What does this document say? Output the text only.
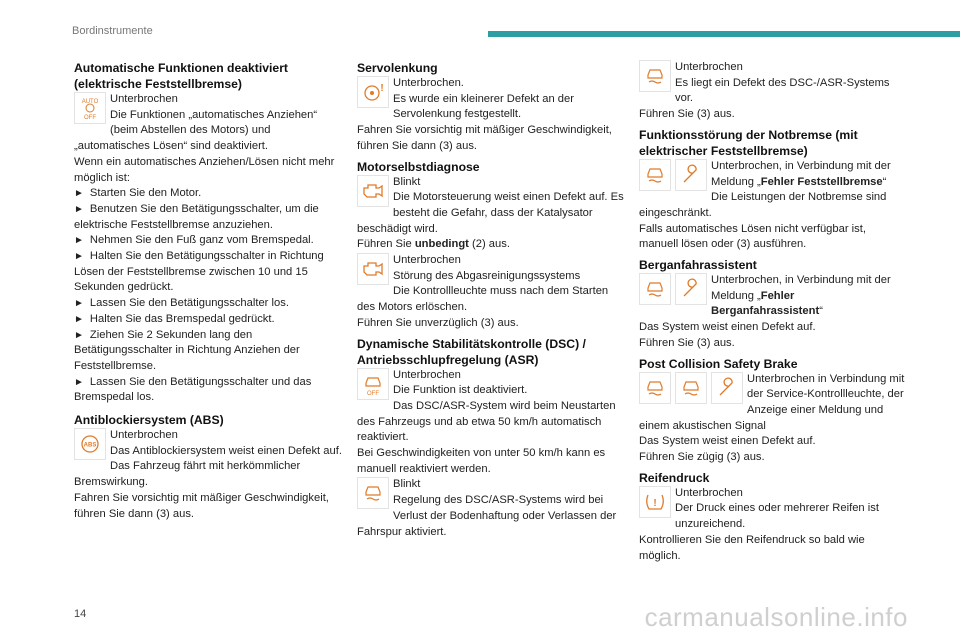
Bordinstrumente
Automatische Funktionen deaktiviert (elektrische Feststellbremse)
AUTO
OFF

Unterbrochen

Die Funktionen „automatisches Anziehen“ (beim Abstellen des Motors) und „automatisches Lösen“ sind deaktiviert.

Wenn ein automatisches Anziehen/Lösen nicht mehr möglich ist:

► Starten Sie den Motor.

► Benutzen Sie den Betätigungsschalter, um die elektrische Feststellbremse anzuziehen.

► Nehmen Sie den Fuß ganz vom Bremspedal.

► Halten Sie den Betätigungsschalter in Richtung Lösen der Feststellbremse zwischen 10 und 15 Sekunden gedrückt.

► Lassen Sie den Betätigungsschalter los.

► Halten Sie das Bremspedal gedrückt.

► Ziehen Sie 2 Sekunden lang den Betätigungsschalter in Richtung Anziehen der Feststellbremse.

► Lassen Sie den Betätigungsschalter und das Bremspedal los.

Antiblockiersystem (ABS)
ABS

Unterbrochen

Das Antiblockiersystem weist einen Defekt auf.

Das Fahrzeug fährt mit herkömmlicher Bremswirkung.

Fahren Sie vorsichtig mit mäßiger Geschwindigkeit, führen Sie dann (3) aus.

Servolenkung
! Unterbrochen.

Es wurde ein kleinerer Defekt an der Servolenkung festgestellt.

Fahren Sie vorsichtig mit mäßiger Geschwindigkeit, führen Sie dann (3) aus.

Motorselbstdiagnose

Blinkt

Die Motorsteuerung weist einen Defekt auf. Es besteht die Gefahr, dass der Katalysator beschädigt wird.

Führen Sie unbedingt (2) aus.

Unterbrochen

Störung des Abgasreinigungssystems

Die Kontrollleuchte muss nach dem Starten des Motors erlöschen.

Führen Sie unverzüglich (3) aus.

Dynamische Stabilitätskontrolle (DSC) / Antriebsschlupfregelung (ASR)
OFF

Unterbrochen

Die Funktion ist deaktiviert.

Das DSC/ASR-System wird beim Neustarten des Fahrzeugs und ab etwa 50 km/h automatisch reaktiviert.

Bei Geschwindigkeiten von unter 50 km/h kann es manuell reaktiviert werden.

Blinkt

Regelung des DSC/ASR-Systems wird bei Verlust der Bodenhaftung oder Verlassen der Fahrspur aktiviert.

Unterbrochen

Es liegt ein Defekt des DSC-/ASR-Systems vor.

Führen Sie (3) aus.

Funktionsstörung der Notbremse (mit elektrischer Feststellbremse)

Unterbrochen, in Verbindung mit der Meldung „Fehler Feststellbremse“

Die Leistungen der Notbremse sind eingeschränkt.

Falls automatisches Lösen nicht verfügbar ist, manuell lösen oder (3) ausführen.

Berganfahrassistent

Unterbrochen, in Verbindung mit der Meldung „Fehler Berganfahrassistent“

Das System weist einen Defekt auf.

Führen Sie (3) aus.

Post Collision Safety Brake

Unterbrochen in Verbindung mit der Service-Kontrollleuchte, der Anzeige einer Meldung und einem akustischen Signal

Das System weist einen Defekt auf.

Führen Sie zügig (3) aus.

Reifendruck
!

Unterbrochen

Der Druck eines oder mehrerer Reifen ist unzureichend.

Kontrollieren Sie den Reifendruck so bald wie möglich.

14	carmanualsonline.info
